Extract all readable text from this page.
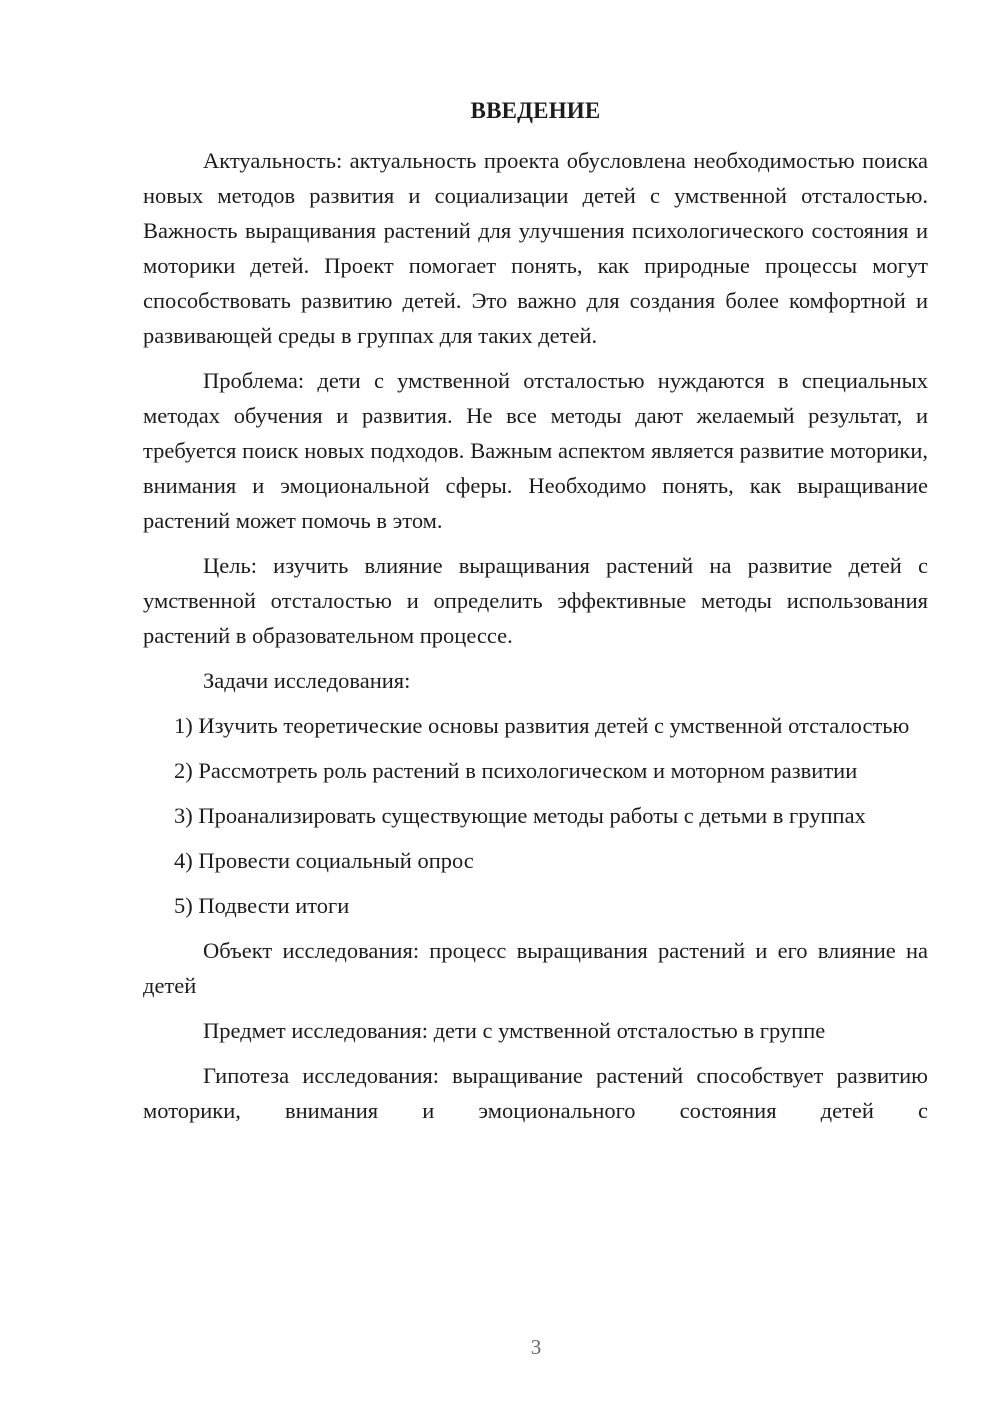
ВВЕДЕНИЕ

Актуальность: актуальность проекта обусловлена необходимостью поиска новых методов развития и социализации детей с умственной отсталостью. Важность выращивания растений для улучшения психологического состояния и моторики детей. Проект помогает понять, как природные процессы могут способствовать развитию детей. Это важно для создания более комфортной и развивающей среды в группах для таких детей.

Проблема: дети с умственной отсталостью нуждаются в специальных методах обучения и развития. Не все методы дают желаемый результат, и требуется поиск новых подходов. Важным аспектом является развитие моторики, внимания и эмоциональной сферы. Необходимо понять, как выращивание растений может помочь в этом.

Цель: изучить влияние выращивания растений на развитие детей с умственной отсталостью и определить эффективные методы использования растений в образовательном процессе.

Задачи исследования:

1) Изучить теоретические основы развития детей с умственной отсталостью

2) Рассмотреть роль растений в психологическом и моторном развитии

3) Проанализировать существующие методы работы с детьми в группах

4) Провести социальный опрос

5) Подвести итоги

Объект исследования: процесс выращивания растений и его влияние на детей

Предмет исследования: дети с умственной отсталостью в группе

Гипотеза исследования: выращивание растений способствует развитию моторики, внимания и эмоционального состояния детей с

3
